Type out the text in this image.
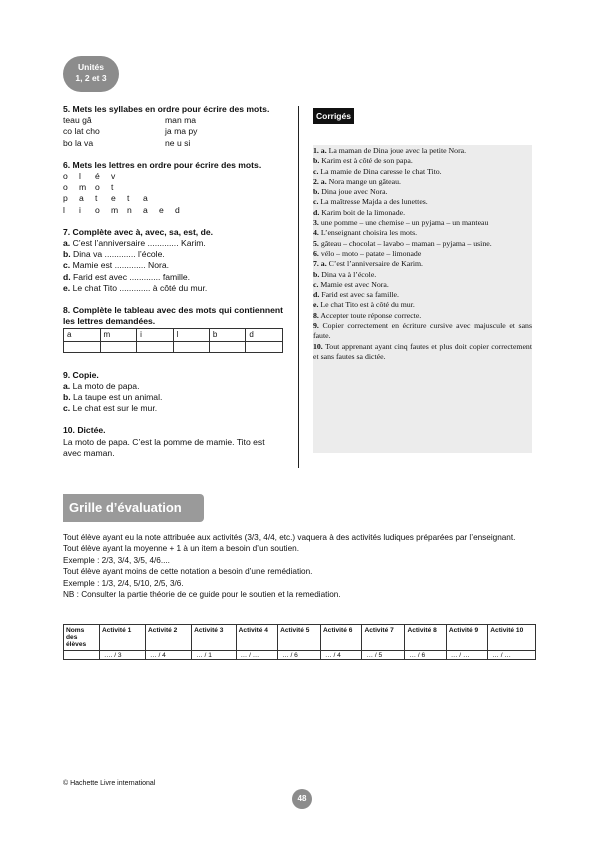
Unités
1, 2 et 3
5. Mets les syllabes en ordre pour écrire des mots.
teau gâ	man ma
co lat cho	ja ma py
bo la va	ne u si
6. Mets les lettres en ordre pour écrire des mots.
o l é v
o m o t
p a t e t a
l i o m n a e d
7. Complète avec à, avec, sa, est, de.
a. C’est l’anniversaire ............. Karim.
b. Dina va ............. l’école.
c. Mamie est ............. Nora.
d. Farid est avec ............. famille.
e. Le chat Tito ............. à côté du mur.
8. Complète le tableau avec des mots qui contiennent les lettres demandées.
a	m	i	l	b	d

9. Copie.
a. La moto de papa.
b. La taupe est un animal.
c. Le chat est sur le mur.
10. Dictée.
La moto de papa. C’est la pomme de mamie. Tito est avec maman.
Corrigés
1. a. La maman de Dina joue avec la petite Nora.
b. Karim est à côté de son papa.
c. La mamie de Dina caresse le chat Tito.
2. a. Nora mange un gâteau.
b. Dina joue avec Nora.
c. La maîtresse Majda a des lunettes.
d. Karim boit de la limonade.
3. une pomme – une chemise – un pyjama – un manteau
4. L’enseignant choisira les mots.
5. gâteau – chocolat – lavabo – maman – pyjama – usine.
6. vélo – moto – patate – limonade
7. a. C’est l’anniversaire de Karim.
b. Dina va à l’école.
c. Mamie est avec Nora.
d. Farid est avec sa famille.
e. Le chat Tito est à côté du mur.
8. Accepter toute réponse correcte.
9. Copier correctement en écriture cursive avec majuscule et sans faute.
10. Tout apprenant ayant cinq fautes et plus doit copier correctement et sans fautes sa dictée.
Grille d’évaluation
Tout élève ayant eu la note attribuée aux activités (3/3, 4/4, etc.) vaquera à des activités ludiques préparées par l’enseignant.
Tout élève ayant la moyenne + 1 à un item a besoin d’un soutien.
Exemple : 2/3, 3/4, 3/5, 4/6....
Tout élève ayant moins de cette notation a besoin d’une remédiation.
Exemple : 1/3, 2/4, 5/10, 2/5, 3/6.
NB : Consulter la partie théorie de ce guide pour le soutien et la remediation.
Noms des élèves	Activité 1	Activité 2	Activité 3	Activité 4	Activité 5	Activité 6	Activité 7	Activité 8	Activité 9	Activité 10
	…. / 3	… / 4	… / 1	… / …	… / 6	… / 4	… / 5	… / 6	… / …	… / …
© Hachette Livre international
48
